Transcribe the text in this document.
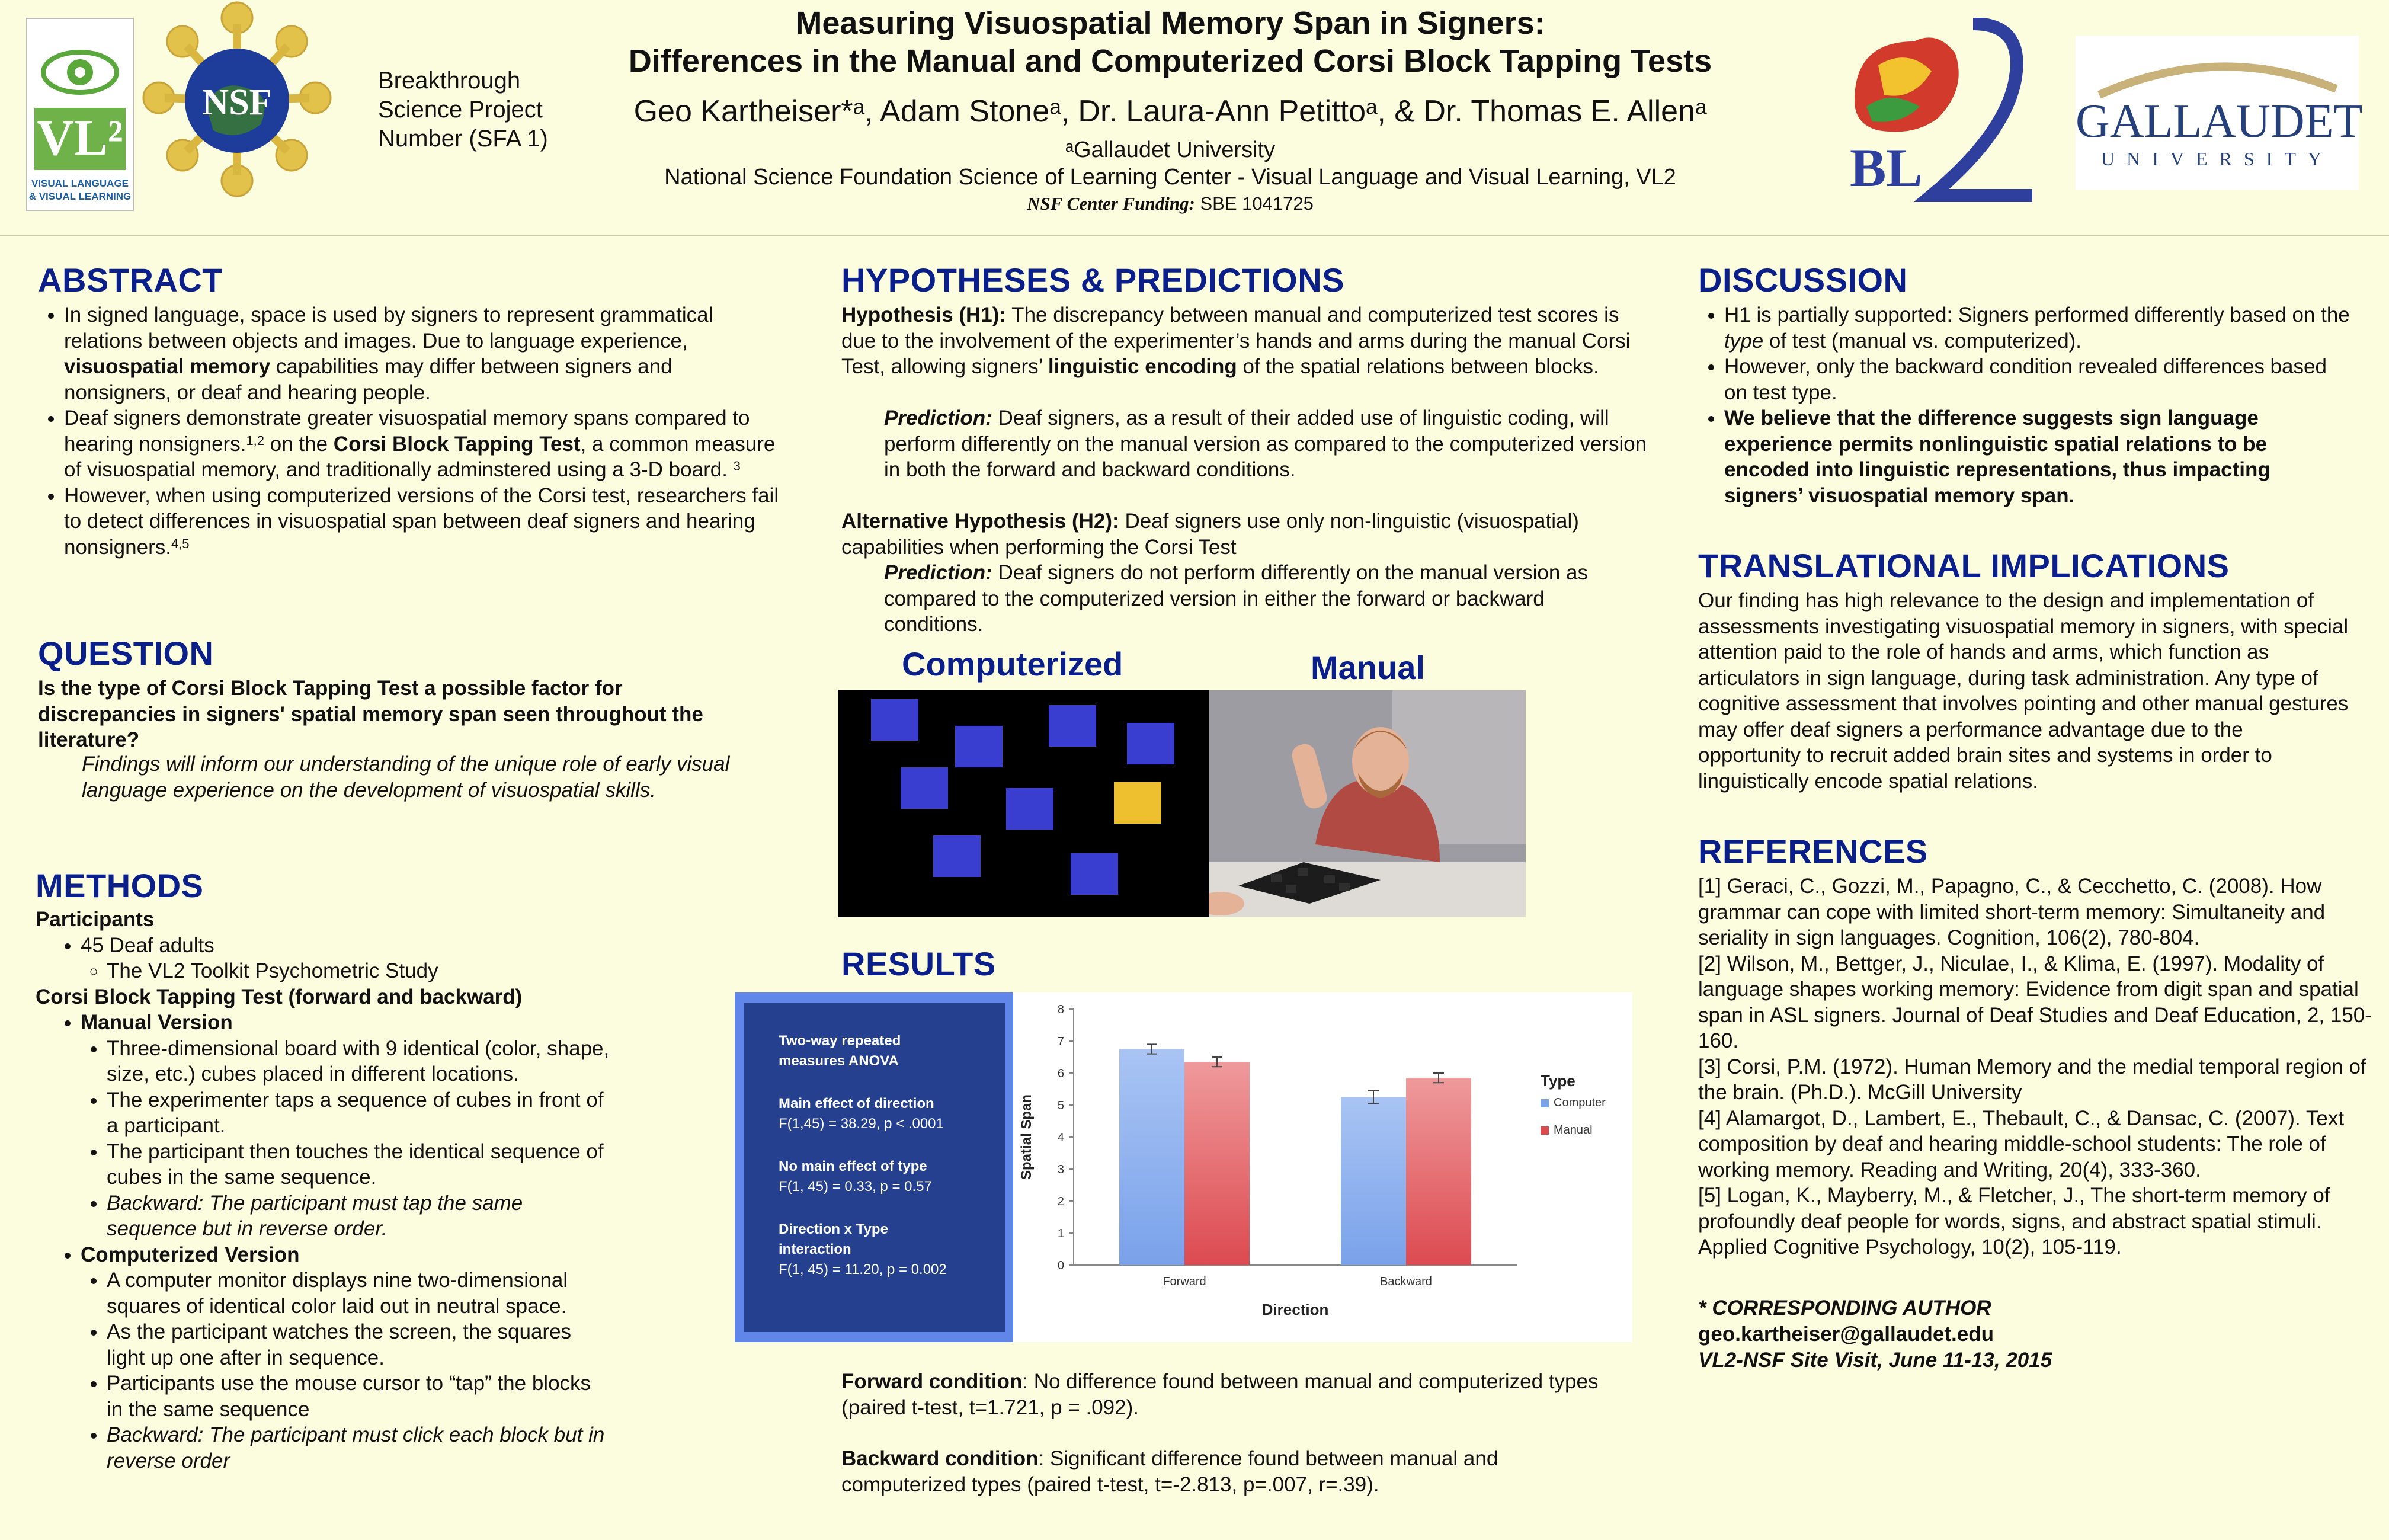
VL²
VISUAL LANGUAGE
& VISUAL LEARNING
NSF
Breakthrough
Science Project
Number (SFA 1)
Measuring Visuospatial Memory Span in Signers:
Differences in the Manual and Computerized Corsi Block Tapping Tests
Geo Kartheiser*ᵃ, Adam Stoneᵃ, Dr. Laura-Ann Petittoᵃ, & Dr. Thomas E. Allenᵃ
ᵃGallaudet University
National Science Foundation Science of Learning Center - Visual Language and Visual Learning, VL2
NSF Center Funding: SBE 1041725
BL
GALLAUDET
UNIVERSITY
ABSTRACT
• In signed language, space is used by signers to represent grammatical relations between objects and images. Due to language experience, visuospatial memory capabilities may differ between signers and nonsigners, or deaf and hearing people.
• Deaf signers demonstrate greater visuospatial memory spans compared to hearing nonsigners.$^{1,2}$ on the Corsi Block Tapping Test, a common measure of visuospatial memory, and traditionally adminstered using a 3-D board. $^3$
• However, when using computerized versions of the Corsi test, researchers fail to detect differences in visuospatial span between deaf signers and hearing nonsigners.$^{4,5}$
QUESTION
Is the type of Corsi Block Tapping Test a possible factor for discrepancies in signers' spatial memory span seen throughout the literature?
Findings will inform our understanding of the unique role of early visual language experience on the development of visuospatial skills.
METHODS
Participants
• 45 Deaf adults
◦ The VL2 Toolkit Psychometric Study
Corsi Block Tapping Test (forward and backward)
• Manual Version
• Three-dimensional board with 9 identical (color, shape, size, etc.) cubes placed in different locations.
• The experimenter taps a sequence of cubes in front of a participant.
• The participant then touches the identical sequence of cubes in the same sequence.
• Backward: The participant must tap the same sequence but in reverse order.
• Computerized Version
• A computer monitor displays nine two-dimensional squares of identical color laid out in neutral space.
• As the participant watches the screen, the squares light up one after in sequence.
• Participants use the mouse cursor to “tap” the blocks in the same sequence
• Backward: The participant must click each block but in reverse order
HYPOTHESES & PREDICTIONS
Hypothesis (H1): The discrepancy between manual and computerized test scores is due to the involvement of the experimenter’s hands and arms during the manual Corsi Test, allowing signers’ linguistic encoding of the spatial relations between blocks.
Prediction: Deaf signers, as a result of their added use of linguistic coding, will perform differently on the manual version as compared to the computerized version in both the forward and backward conditions.
Alternative Hypothesis (H2): Deaf signers use only non-linguistic (visuospatial) capabilities when performing the Corsi Test
Prediction: Deaf signers do not perform differently on the manual version as compared to the computerized version in either the forward or backward conditions.
Computerized	Manual
RESULTS
Two-way repeated measures ANOVA
Main effect of direction
F(1,45) = 38.29, p < .0001
No main effect of type
F(1, 45) = 0.33, p = 0.57
Direction x Type interaction
F(1, 45) = 11.20, p = 0.002	0
1
2
3
4
5
6
7
8
Forward	Backward
Direction
Spatial Span
Type
Computer
Manual
Forward condition: No difference found between manual and computerized types (paired t-test, t=1.721, p = .092).
Backward condition: Significant difference found between manual and computerized types (paired t-test, t=-2.813, p=.007, r=.39).
DISCUSSION
• H1 is partially supported: Signers performed differently based on the type of test (manual vs. computerized).
• However, only the backward condition revealed differences based on test type.
• We believe that the difference suggests sign language experience permits nonlinguistic spatial relations to be encoded into linguistic representations, thus impacting signers’ visuospatial memory span.
TRANSLATIONAL IMPLICATIONS
Our finding has high relevance to the design and implementation of assessments investigating visuospatial memory in signers, with special attention paid to the role of hands and arms, which function as articulators in sign language, during task administration. Any type of cognitive assessment that involves pointing and other manual gestures may offer deaf signers a performance advantage due to the opportunity to recruit added brain sites and systems in order to linguistically encode spatial relations.
REFERENCES
[1] Geraci, C., Gozzi, M., Papagno, C., & Cecchetto, C. (2008). How grammar can cope with limited short-term memory: Simultaneity and seriality in sign languages. Cognition, 106(2), 780-804.
[2] Wilson, M., Bettger, J., Niculae, I., & Klima, E. (1997). Modality of language shapes working memory: Evidence from digit span and spatial span in ASL signers. Journal of Deaf Studies and Deaf Education, 2, 150-160.
[3] Corsi, P.M. (1972). Human Memory and the medial temporal region of the brain. (Ph.D.). McGill University
[4] Alamargot, D., Lambert, E., Thebault, C., & Dansac, C. (2007). Text composition by deaf and hearing middle-school students: The role of working memory. Reading and Writing, 20(4), 333-360.
[5] Logan, K., Mayberry, M., & Fletcher, J., The short-term memory of profoundly deaf people for words, signs, and abstract spatial stimuli. Applied Cognitive Psychology, 10(2), 105-119.
* CORRESPONDING AUTHOR
geo.kartheiser@gallaudet.edu
VL2-NSF Site Visit, June 11-13, 2015
